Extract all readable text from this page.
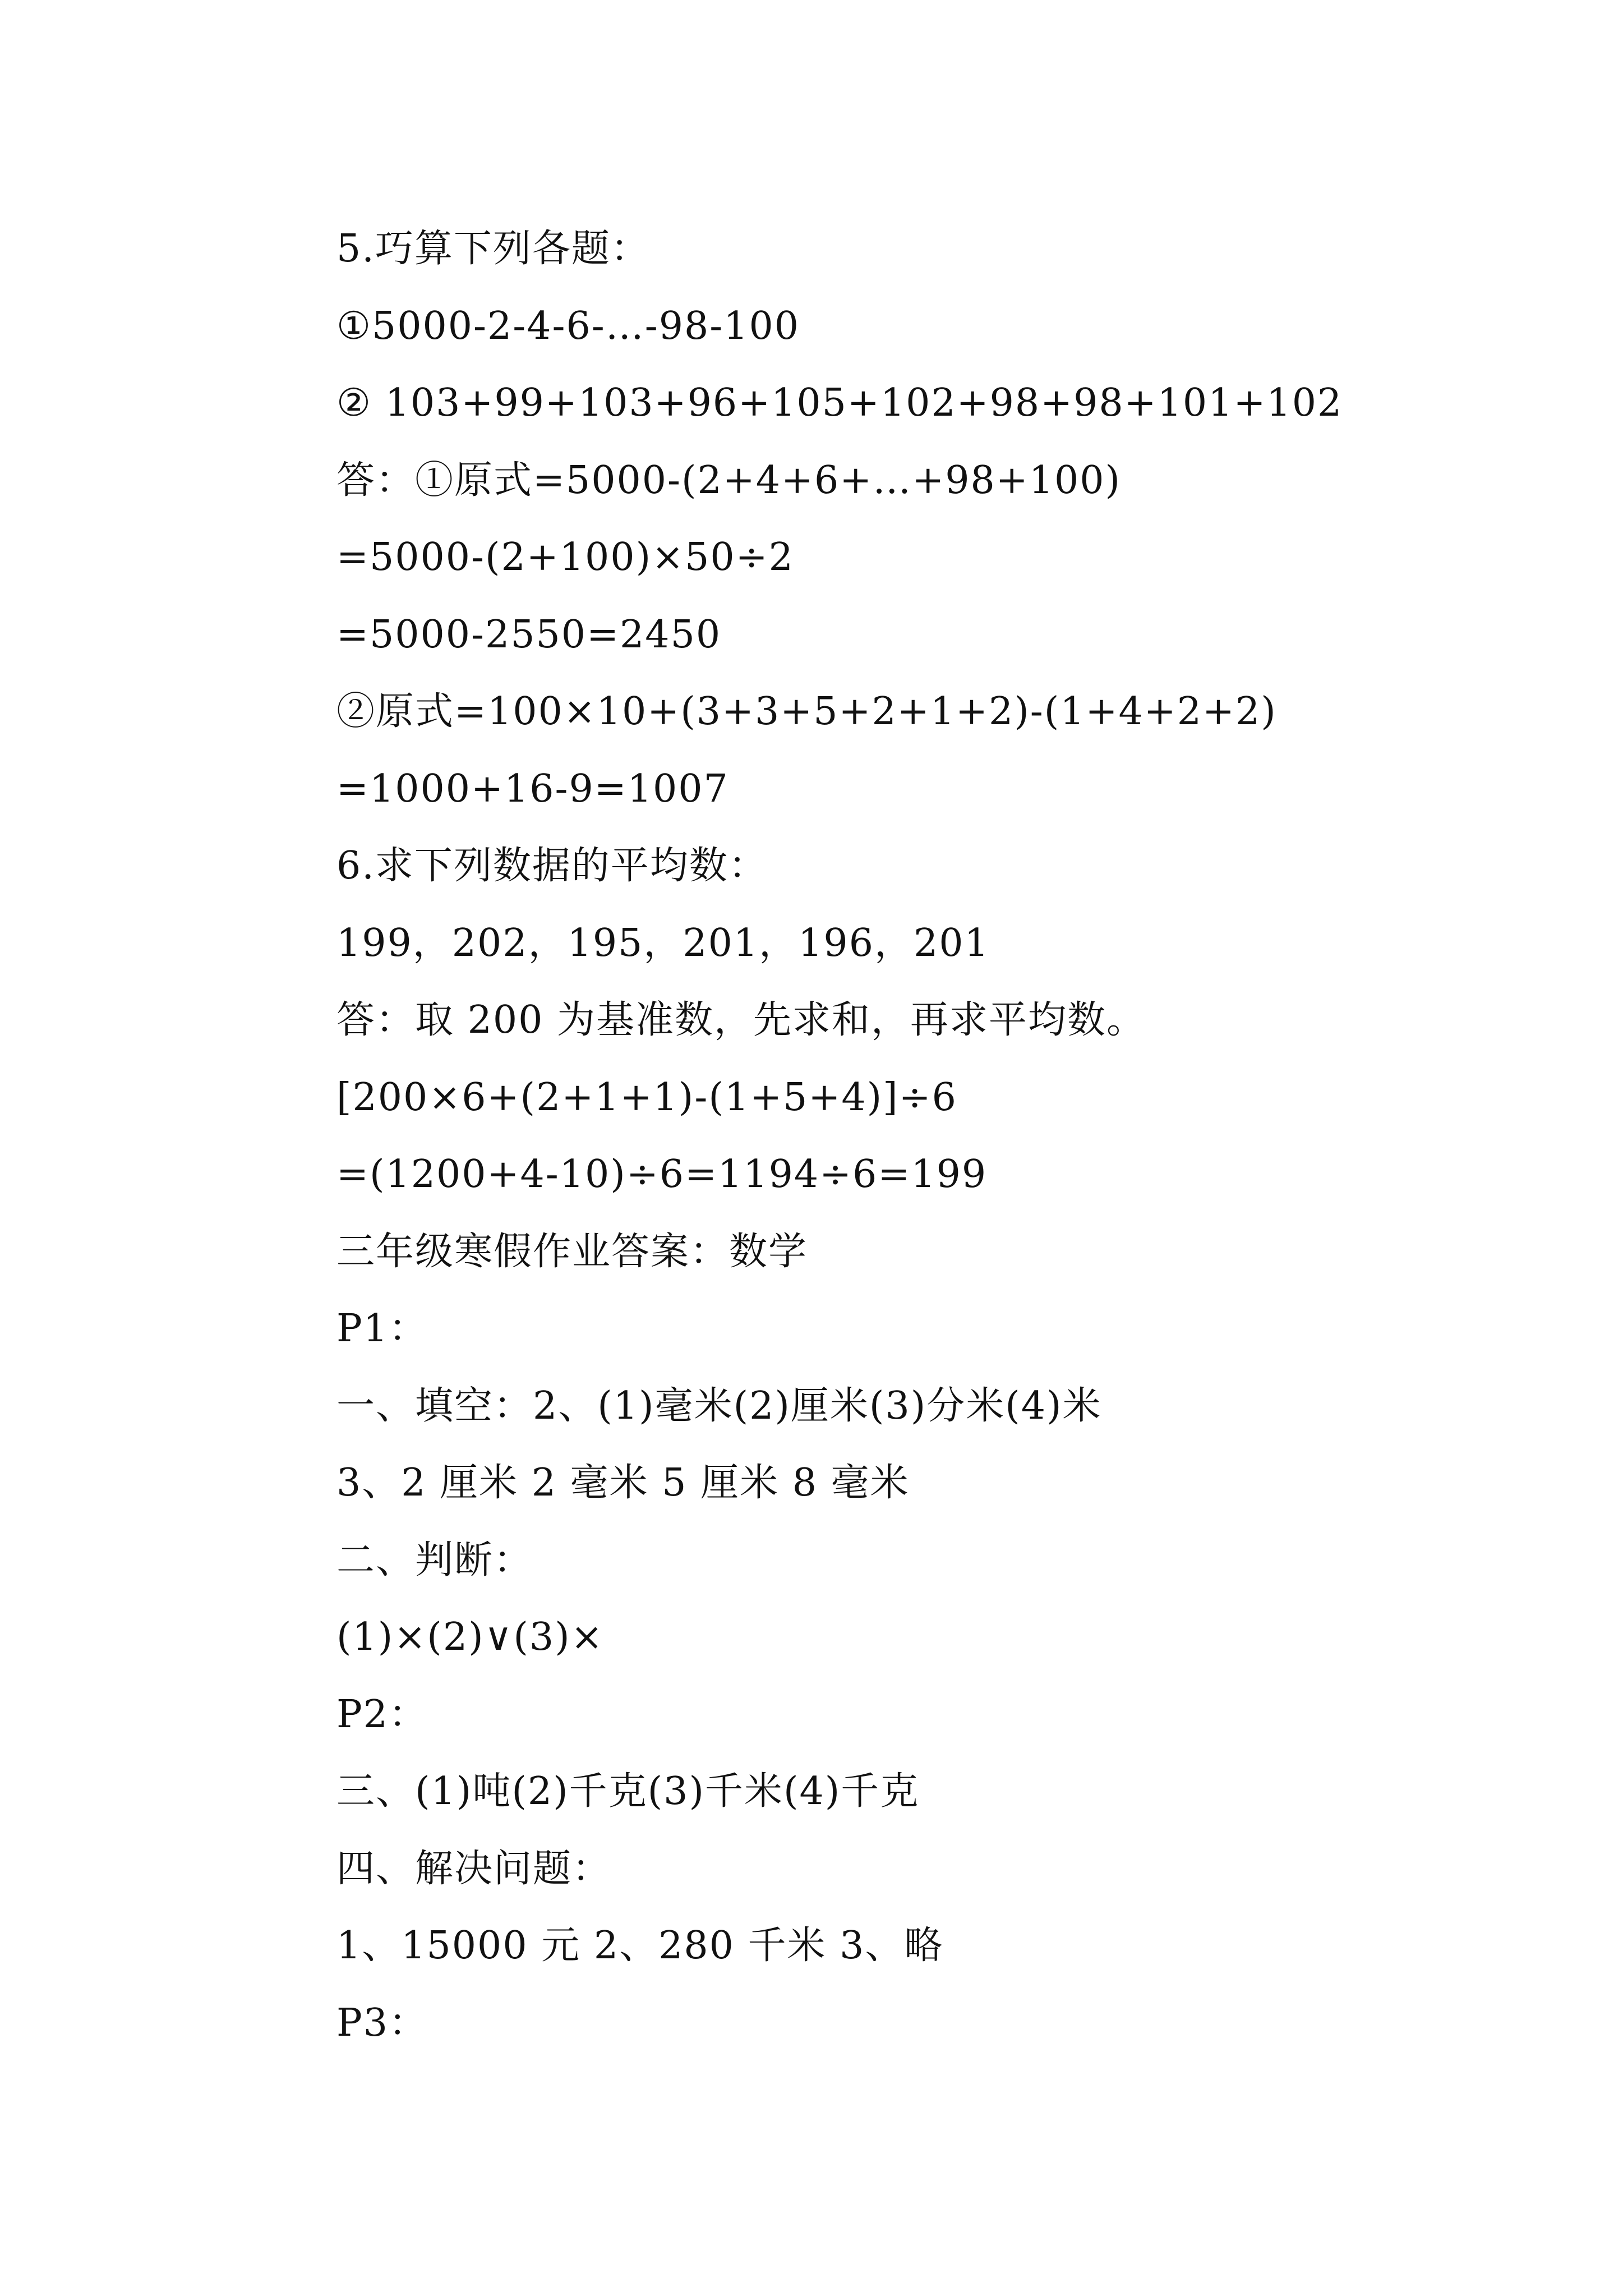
5.巧算下列各题：
①5000-2-4-6-…-98-100
② 103+99+103+96+105+102+98+98+101+102
答：①原式=5000-(2+4+6+…+98+100)
=5000-(2+100)×50÷2
=5000-2550=2450
②原式=100×10+(3+3+5+2+1+2)-(1+4+2+2)
=1000+16-9=1007
6.求下列数据的平均数：
199，202，195，201，196，201
答：取 200 为基准数，先求和，再求平均数。
[200×6+(2+1+1)-(1+5+4)]÷6
=(1200+4-10)÷6=1194÷6=199
三年级寒假作业答案：数学
P1：
一、填空：2、(1)毫米(2)厘米(3)分米(4)米
3、2 厘米 2 毫米 5 厘米 8 毫米
二、判断：
(1)×(2)∨(3)×
P2：
三、(1)吨(2)千克(3)千米(4)千克
四、解决问题：
1、15000 元 2、280 千米 3、略
P3：
